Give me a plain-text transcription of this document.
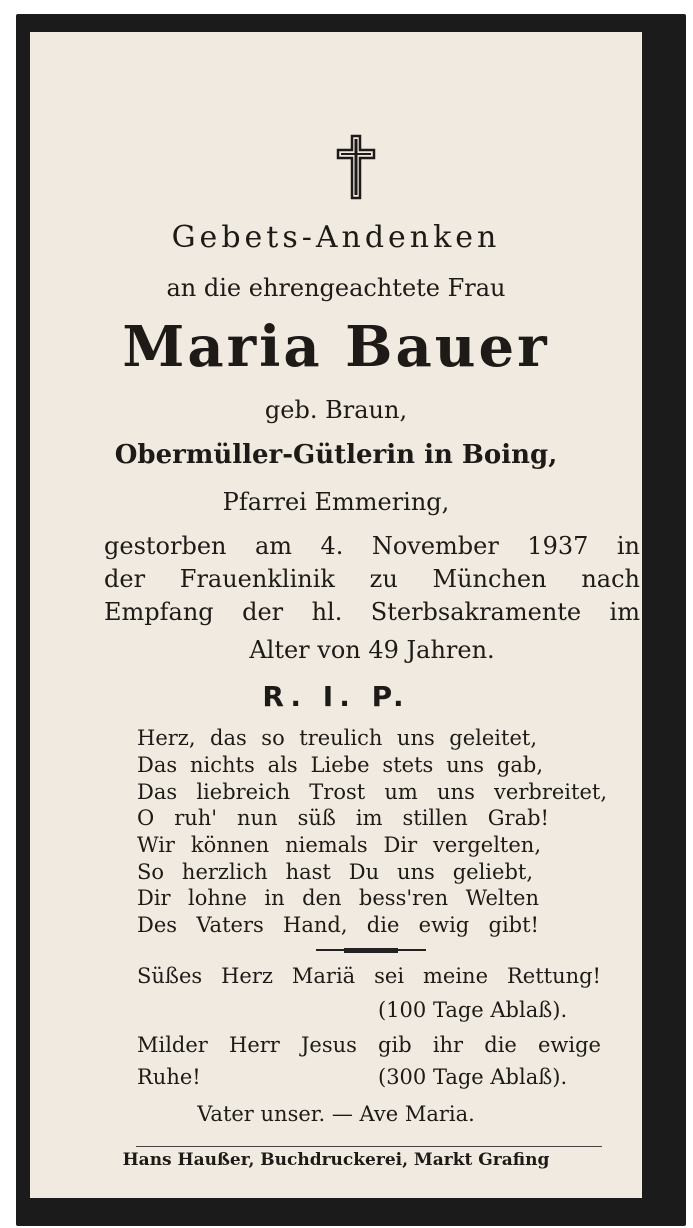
Gebets-Andenken
an die ehrengeachtete Frau
Maria Bauer
geb. Braun,
Obermüller-Gütlerin in Boing,
Pfarrei Emmering,
gestorben am 4. November 1937 in
der Frauenklinik zu München nach
Empfang der hl. Sterbsakramente im
Alter von 49 Jahren.
R. I. P.
Herz, das so treulich uns geleitet,
Das nichts als Liebe stets uns gab,
Das liebreich Trost um uns verbreitet,
O ruh' nun süß im stillen Grab!
Wir können niemals Dir vergelten,
So herzlich hast Du uns geliebt,
Dir lohne in den bess'ren Welten
Des Vaters Hand, die ewig gibt!
Süßes Herz Mariä sei meine Rettung!
(100 Tage Ablaß).
Milder Herr Jesus gib ihr die ewige
Ruhe!	(300 Tage Ablaß).
Vater unser. — Ave Maria.
Hans Haußer, Buchdruckerei, Markt Grafing
